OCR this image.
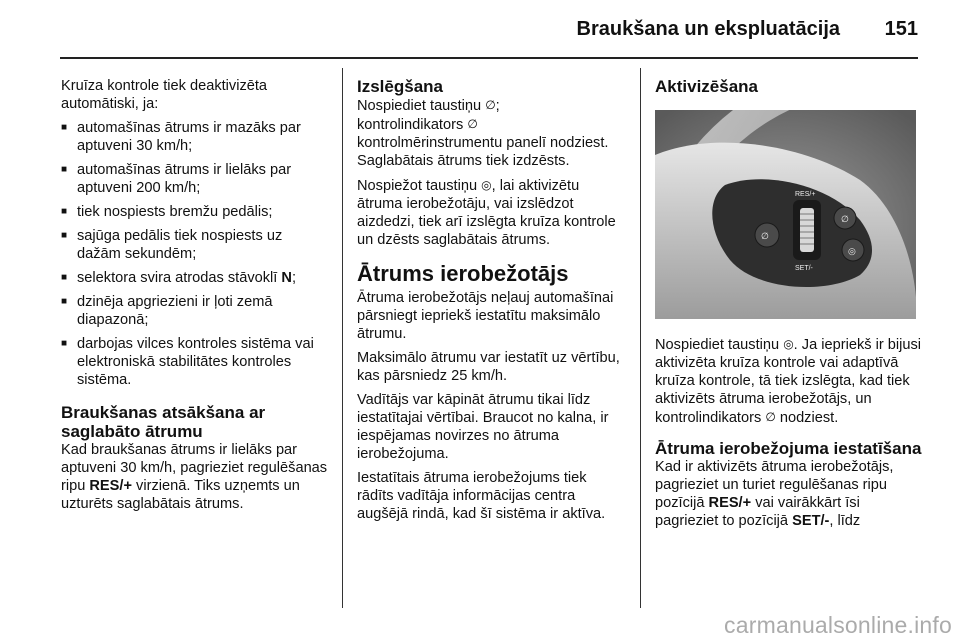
Braukšana un ekspluatācija	151

Kruīza kontrole tiek deaktivizēta automātiski, ja:

■ automašīnas ātrums ir mazāks par aptuveni 30 km/h;
■ automašīnas ātrums ir lielāks par aptuveni 200 km/h;
■ tiek nospiests bremžu pedālis;
■ sajūga pedālis tiek nospiests uz dažām sekundēm;
■ selektora svira atrodas stāvoklī N;
■ dzinēja apgriezieni ir ļoti zemā diapazonā;
■ darbojas vilces kontroles sistēma vai elektroniskā stabilitātes kontroles sistēma.
Braukšanas atsākšana ar saglabāto ātrumu

Kad braukšanas ātrums ir lielāks par aptuveni 30 km/h, pagrieziet regulēšanas ripu RES/+ virzienā. Tiks uzņemts un uzturēts saglabātais ātrums.

Izslēgšana

Nospiediet taustiņu ∅;
kontrolindikators ∅
kontrolmērinstrumentu panelī nodziest. Saglabātais ātrums tiek izdzēsts.

Nospiežot taustiņu ◎, lai aktivizētu ātruma ierobežotāju, vai izslēdzot aizdedzi, tiek arī izslēgta kruīza kontrole un dzēsts saglabātais ātrums.

Ātrums ierobežotājs

Ātruma ierobežotājs neļauj automašīnai pārsniegt iepriekš iestatītu maksimālo ātrumu.

Maksimālo ātrumu var iestatīt uz vērtību, kas pārsniedz 25 km/h.

Vadītājs var kāpināt ātrumu tikai līdz iestatītajai vērtībai. Braucot no kalna, ir iespējamas novirzes no ātruma ierobežojuma.

Iestatītais ātruma ierobežojums tiek rādīts vadītāja informācijas centra augšējā rindā, kad šī sistēma ir aktīva.

Aktivizēšana
RES/+
SET/-
∅
◎
∅

Nospiediet taustiņu ◎. Ja iepriekš ir bijusi aktivizēta kruīza kontrole vai adaptīvā kruīza kontrole, tā tiek izslēgta, kad tiek aktivizēts ātruma ierobežotājs, un kontrolindikators ∅ nodziest.

Ātruma ierobežojuma iestatīšana

Kad ir aktivizēts ātruma ierobežotājs, pagrieziet un turiet regulēšanas ripu pozīcijā RES/+ vai vairākkārt īsi pagrieziet to pozīcijā SET/-, līdz

carmanualsonline.info
